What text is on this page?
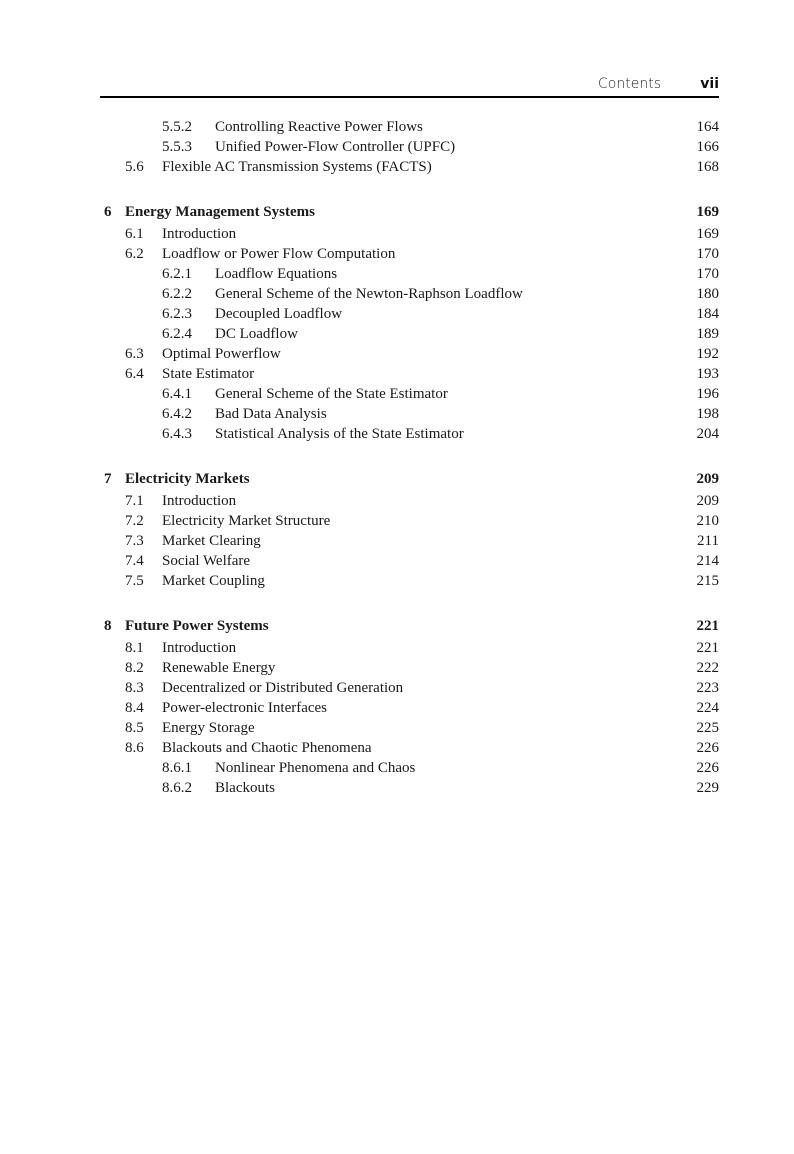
Contents	vii
5.5.2 Controlling Reactive Power Flows	164
5.5.3 Unified Power-Flow Controller (UPFC)	166
5.6 Flexible AC Transmission Systems (FACTS)	168
6 Energy Management Systems	169
6.1 Introduction	169
6.2 Loadflow or Power Flow Computation	170
6.2.1 Loadflow Equations	170
6.2.2 General Scheme of the Newton-Raphson Loadflow	180
6.2.3 Decoupled Loadflow	184
6.2.4 DC Loadflow	189
6.3 Optimal Powerflow	192
6.4 State Estimator	193
6.4.1 General Scheme of the State Estimator	196
6.4.2 Bad Data Analysis	198
6.4.3 Statistical Analysis of the State Estimator	204
7 Electricity Markets	209
7.1 Introduction	209
7.2 Electricity Market Structure	210
7.3 Market Clearing	211
7.4 Social Welfare	214
7.5 Market Coupling	215
8 Future Power Systems	221
8.1 Introduction	221
8.2 Renewable Energy	222
8.3 Decentralized or Distributed Generation	223
8.4 Power-electronic Interfaces	224
8.5 Energy Storage	225
8.6 Blackouts and Chaotic Phenomena	226
8.6.1 Nonlinear Phenomena and Chaos	226
8.6.2 Blackouts	229
